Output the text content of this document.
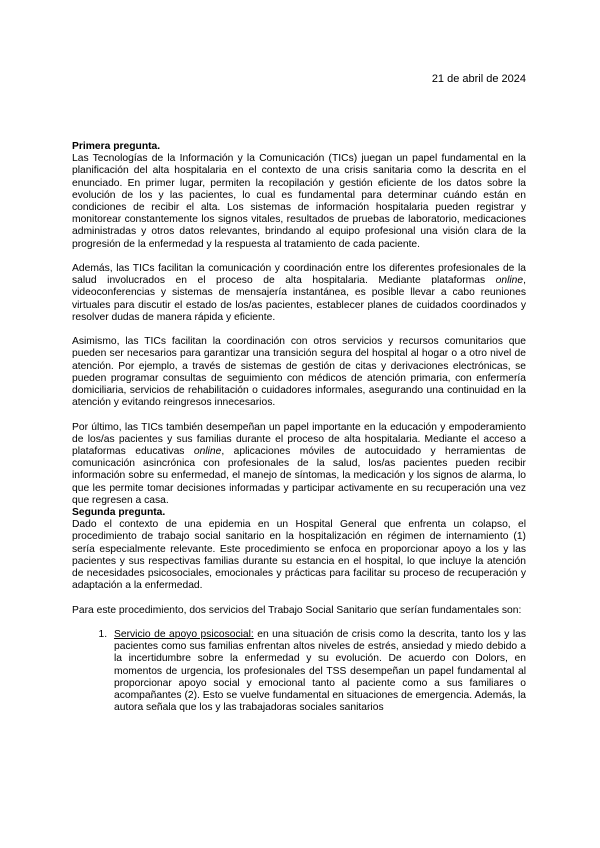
21 de abril de 2024

Primera pregunta.

Las Tecnologías de la Información y la Comunicación (TICs) juegan un papel fundamental en la planificación del alta hospitalaria en el contexto de una crisis sanitaria como la descrita en el enunciado. En primer lugar, permiten la recopilación y gestión eficiente de los datos sobre la evolución de los y las pacientes, lo cual es fundamental para determinar cuándo están en condiciones de recibir el alta. Los sistemas de información hospitalaria pueden registrar y monitorear constantemente los signos vitales, resultados de pruebas de laboratorio, medicaciones administradas y otros datos relevantes, brindando al equipo profesional una visión clara de la progresión de la enfermedad y la respuesta al tratamiento de cada paciente.

Además, las TICs facilitan la comunicación y coordinación entre los diferentes profesionales de la salud involucrados en el proceso de alta hospitalaria. Mediante plataformas online, videoconferencias y sistemas de mensajería instantánea, es posible llevar a cabo reuniones virtuales para discutir el estado de los/as pacientes, establecer planes de cuidados coordinados y resolver dudas de manera rápida y eficiente.

Asimismo, las TICs facilitan la coordinación con otros servicios y recursos comunitarios que pueden ser necesarios para garantizar una transición segura del hospital al hogar o a otro nivel de atención. Por ejemplo, a través de sistemas de gestión de citas y derivaciones electrónicas, se pueden programar consultas de seguimiento con médicos de atención primaria, con enfermería domiciliaria, servicios de rehabilitación o cuidadores informales, asegurando una continuidad en la atención y evitando reingresos innecesarios.

Por último, las TICs también desempeñan un papel importante en la educación y empoderamiento de los/as pacientes y sus familias durante el proceso de alta hospitalaria. Mediante el acceso a plataformas educativas online, aplicaciones móviles de autocuidado y herramientas de comunicación asincrónica con profesionales de la salud, los/as pacientes pueden recibir información sobre su enfermedad, el manejo de síntomas, la medicación y los signos de alarma, lo que les permite tomar decisiones informadas y participar activamente en su recuperación una vez que regresen a casa.

Segunda pregunta.

Dado el contexto de una epidemia en un Hospital General que enfrenta un colapso, el procedimiento de trabajo social sanitario en la hospitalización en régimen de internamiento (1) sería especialmente relevante. Este procedimiento se enfoca en proporcionar apoyo a los y las pacientes y sus respectivas familias durante su estancia en el hospital, lo que incluye la atención de necesidades psicosociales, emocionales y prácticas para facilitar su proceso de recuperación y adaptación a la enfermedad.

Para este procedimiento, dos servicios del Trabajo Social Sanitario que serían fundamentales son:

1. Servicio de apoyo psicosocial: en una situación de crisis como la descrita, tanto los y las pacientes como sus familias enfrentan altos niveles de estrés, ansiedad y miedo debido a la incertidumbre sobre la enfermedad y su evolución. De acuerdo con Dolors, en momentos de urgencia, los profesionales del TSS desempeñan un papel fundamental al proporcionar apoyo social y emocional tanto al paciente como a sus familiares o acompañantes (2). Esto se vuelve fundamental en situaciones de emergencia. Además, la autora señala que los y las trabajadoras sociales sanitarios
